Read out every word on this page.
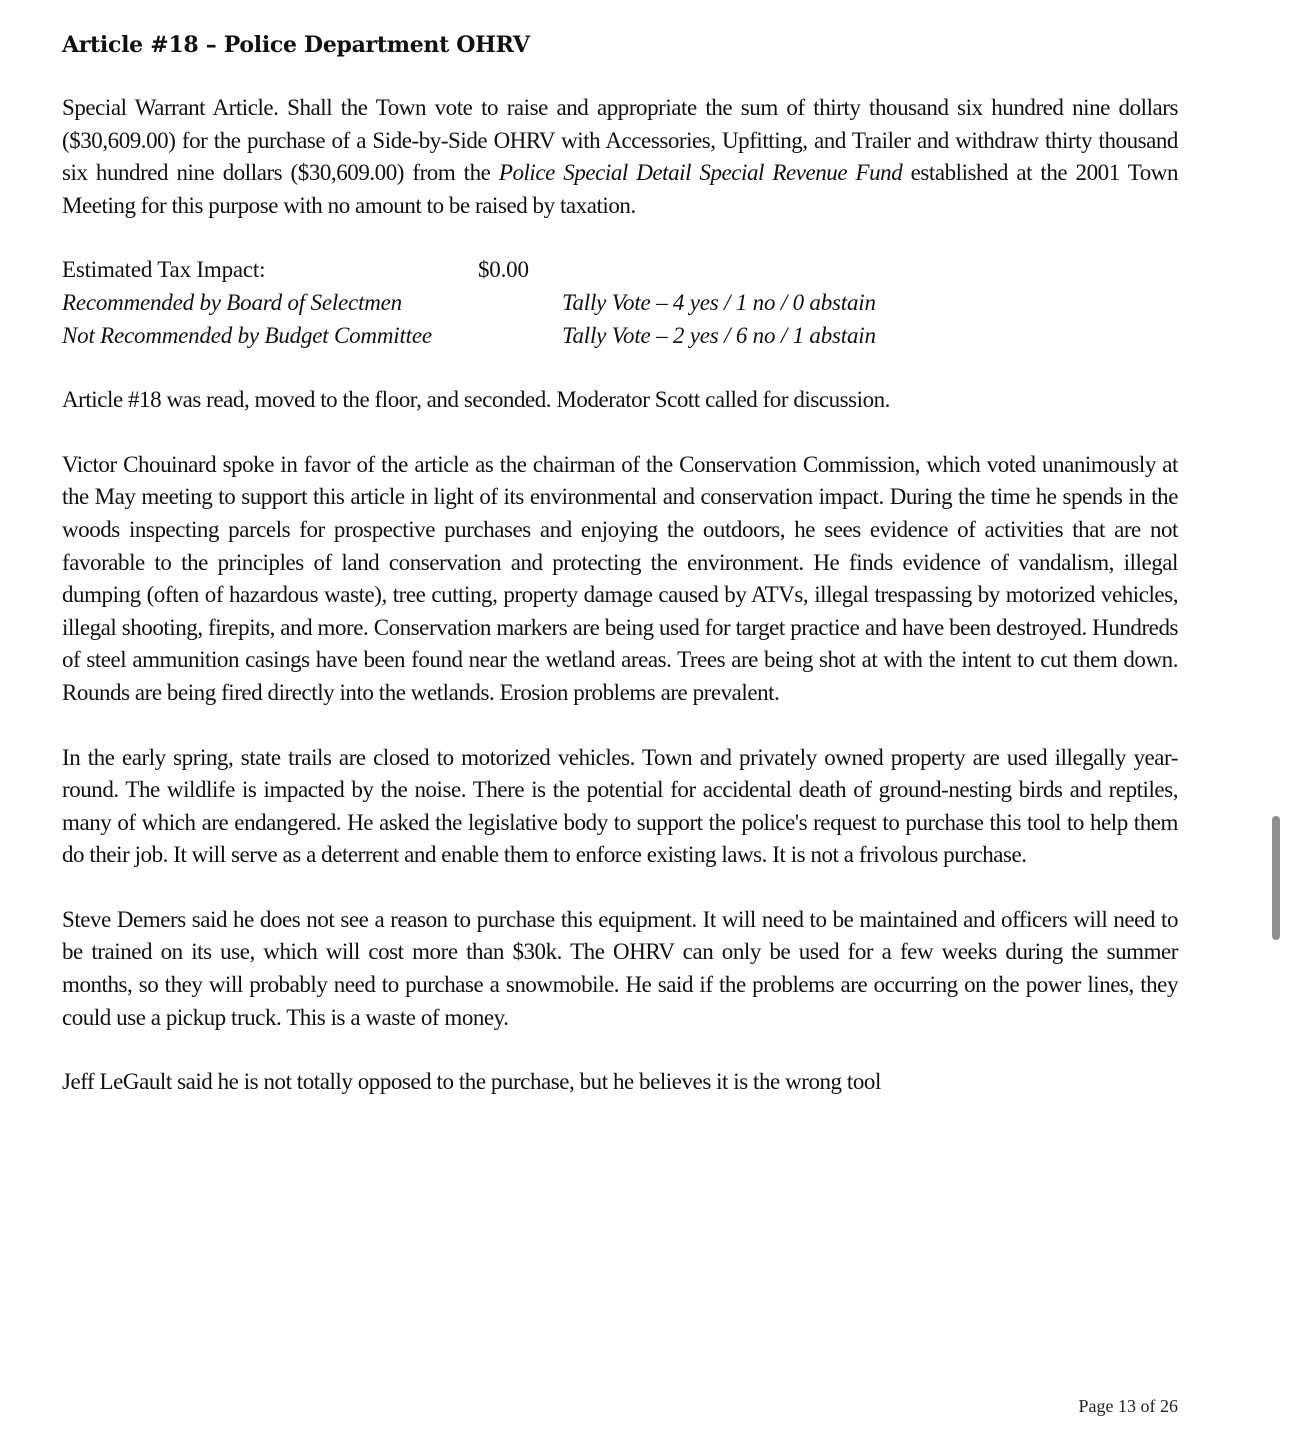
Article #18 – Police Department OHRV

Special Warrant Article. Shall the Town vote to raise and appropriate the sum of thirty thousand six hundred nine dollars ($30,609.00) for the purchase of a Side-by-Side OHRV with Accessories, Upfitting, and Trailer and withdraw thirty thousand six hundred nine dollars ($30,609.00) from the Police Special Detail Special Revenue Fund established at the 2001 Town Meeting for this purpose with no amount to be raised by taxation.

Estimated Tax Impact:	$0.00
Recommended by Board of Selectmen	Tally Vote – 4 yes / 1 no / 0 abstain
Not Recommended by Budget Committee	Tally Vote – 2 yes / 6 no / 1 abstain

Article #18 was read, moved to the floor, and seconded. Moderator Scott called for discussion.

Victor Chouinard spoke in favor of the article as the chairman of the Conservation Commission, which voted unanimously at the May meeting to support this article in light of its environmental and conservation impact. During the time he spends in the woods inspecting parcels for prospective purchases and enjoying the outdoors, he sees evidence of activities that are not favorable to the principles of land conservation and protecting the environment. He finds evidence of vandalism, illegal dumping (often of hazardous waste), tree cutting, property damage caused by ATVs, illegal trespassing by motorized vehicles, illegal shooting, firepits, and more. Conservation markers are being used for target practice and have been destroyed. Hundreds of steel ammunition casings have been found near the wetland areas. Trees are being shot at with the intent to cut them down. Rounds are being fired directly into the wetlands. Erosion problems are prevalent.

In the early spring, state trails are closed to motorized vehicles. Town and privately owned property are used illegally year-round. The wildlife is impacted by the noise. There is the potential for accidental death of ground-nesting birds and reptiles, many of which are endangered. He asked the legislative body to support the police's request to purchase this tool to help them do their job. It will serve as a deterrent and enable them to enforce existing laws. It is not a frivolous purchase.

Steve Demers said he does not see a reason to purchase this equipment. It will need to be maintained and officers will need to be trained on its use, which will cost more than $30k. The OHRV can only be used for a few weeks during the summer months, so they will probably need to purchase a snowmobile. He said if the problems are occurring on the power lines, they could use a pickup truck. This is a waste of money.

Jeff LeGault said he is not totally opposed to the purchase, but he believes it is the wrong tool

Page 13 of 26
